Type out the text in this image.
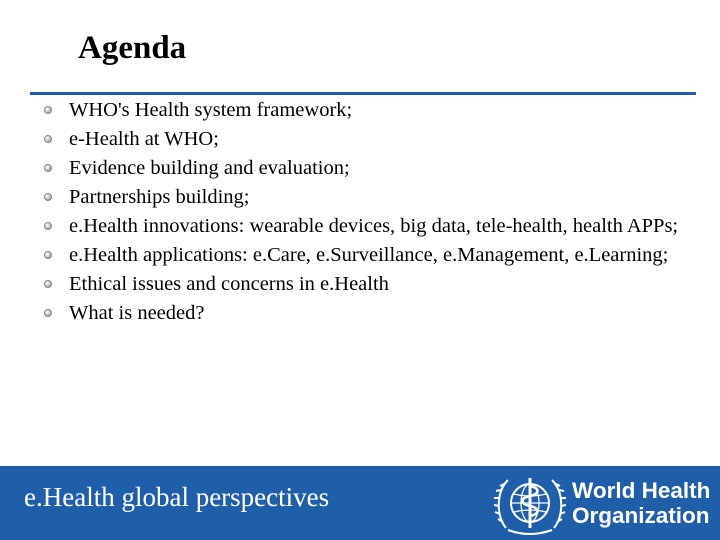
Agenda
WHO's Health system framework;
e-Health at WHO;
Evidence building and evaluation;
Partnerships building;
e.Health innovations: wearable devices, big data, tele-health, health APPs;
e.Health applications: e.Care, e.Surveillance, e.Management, e.Learning;
Ethical issues and concerns in e.Health
What is needed?
e.Health global perspectives	World Health
Organization
